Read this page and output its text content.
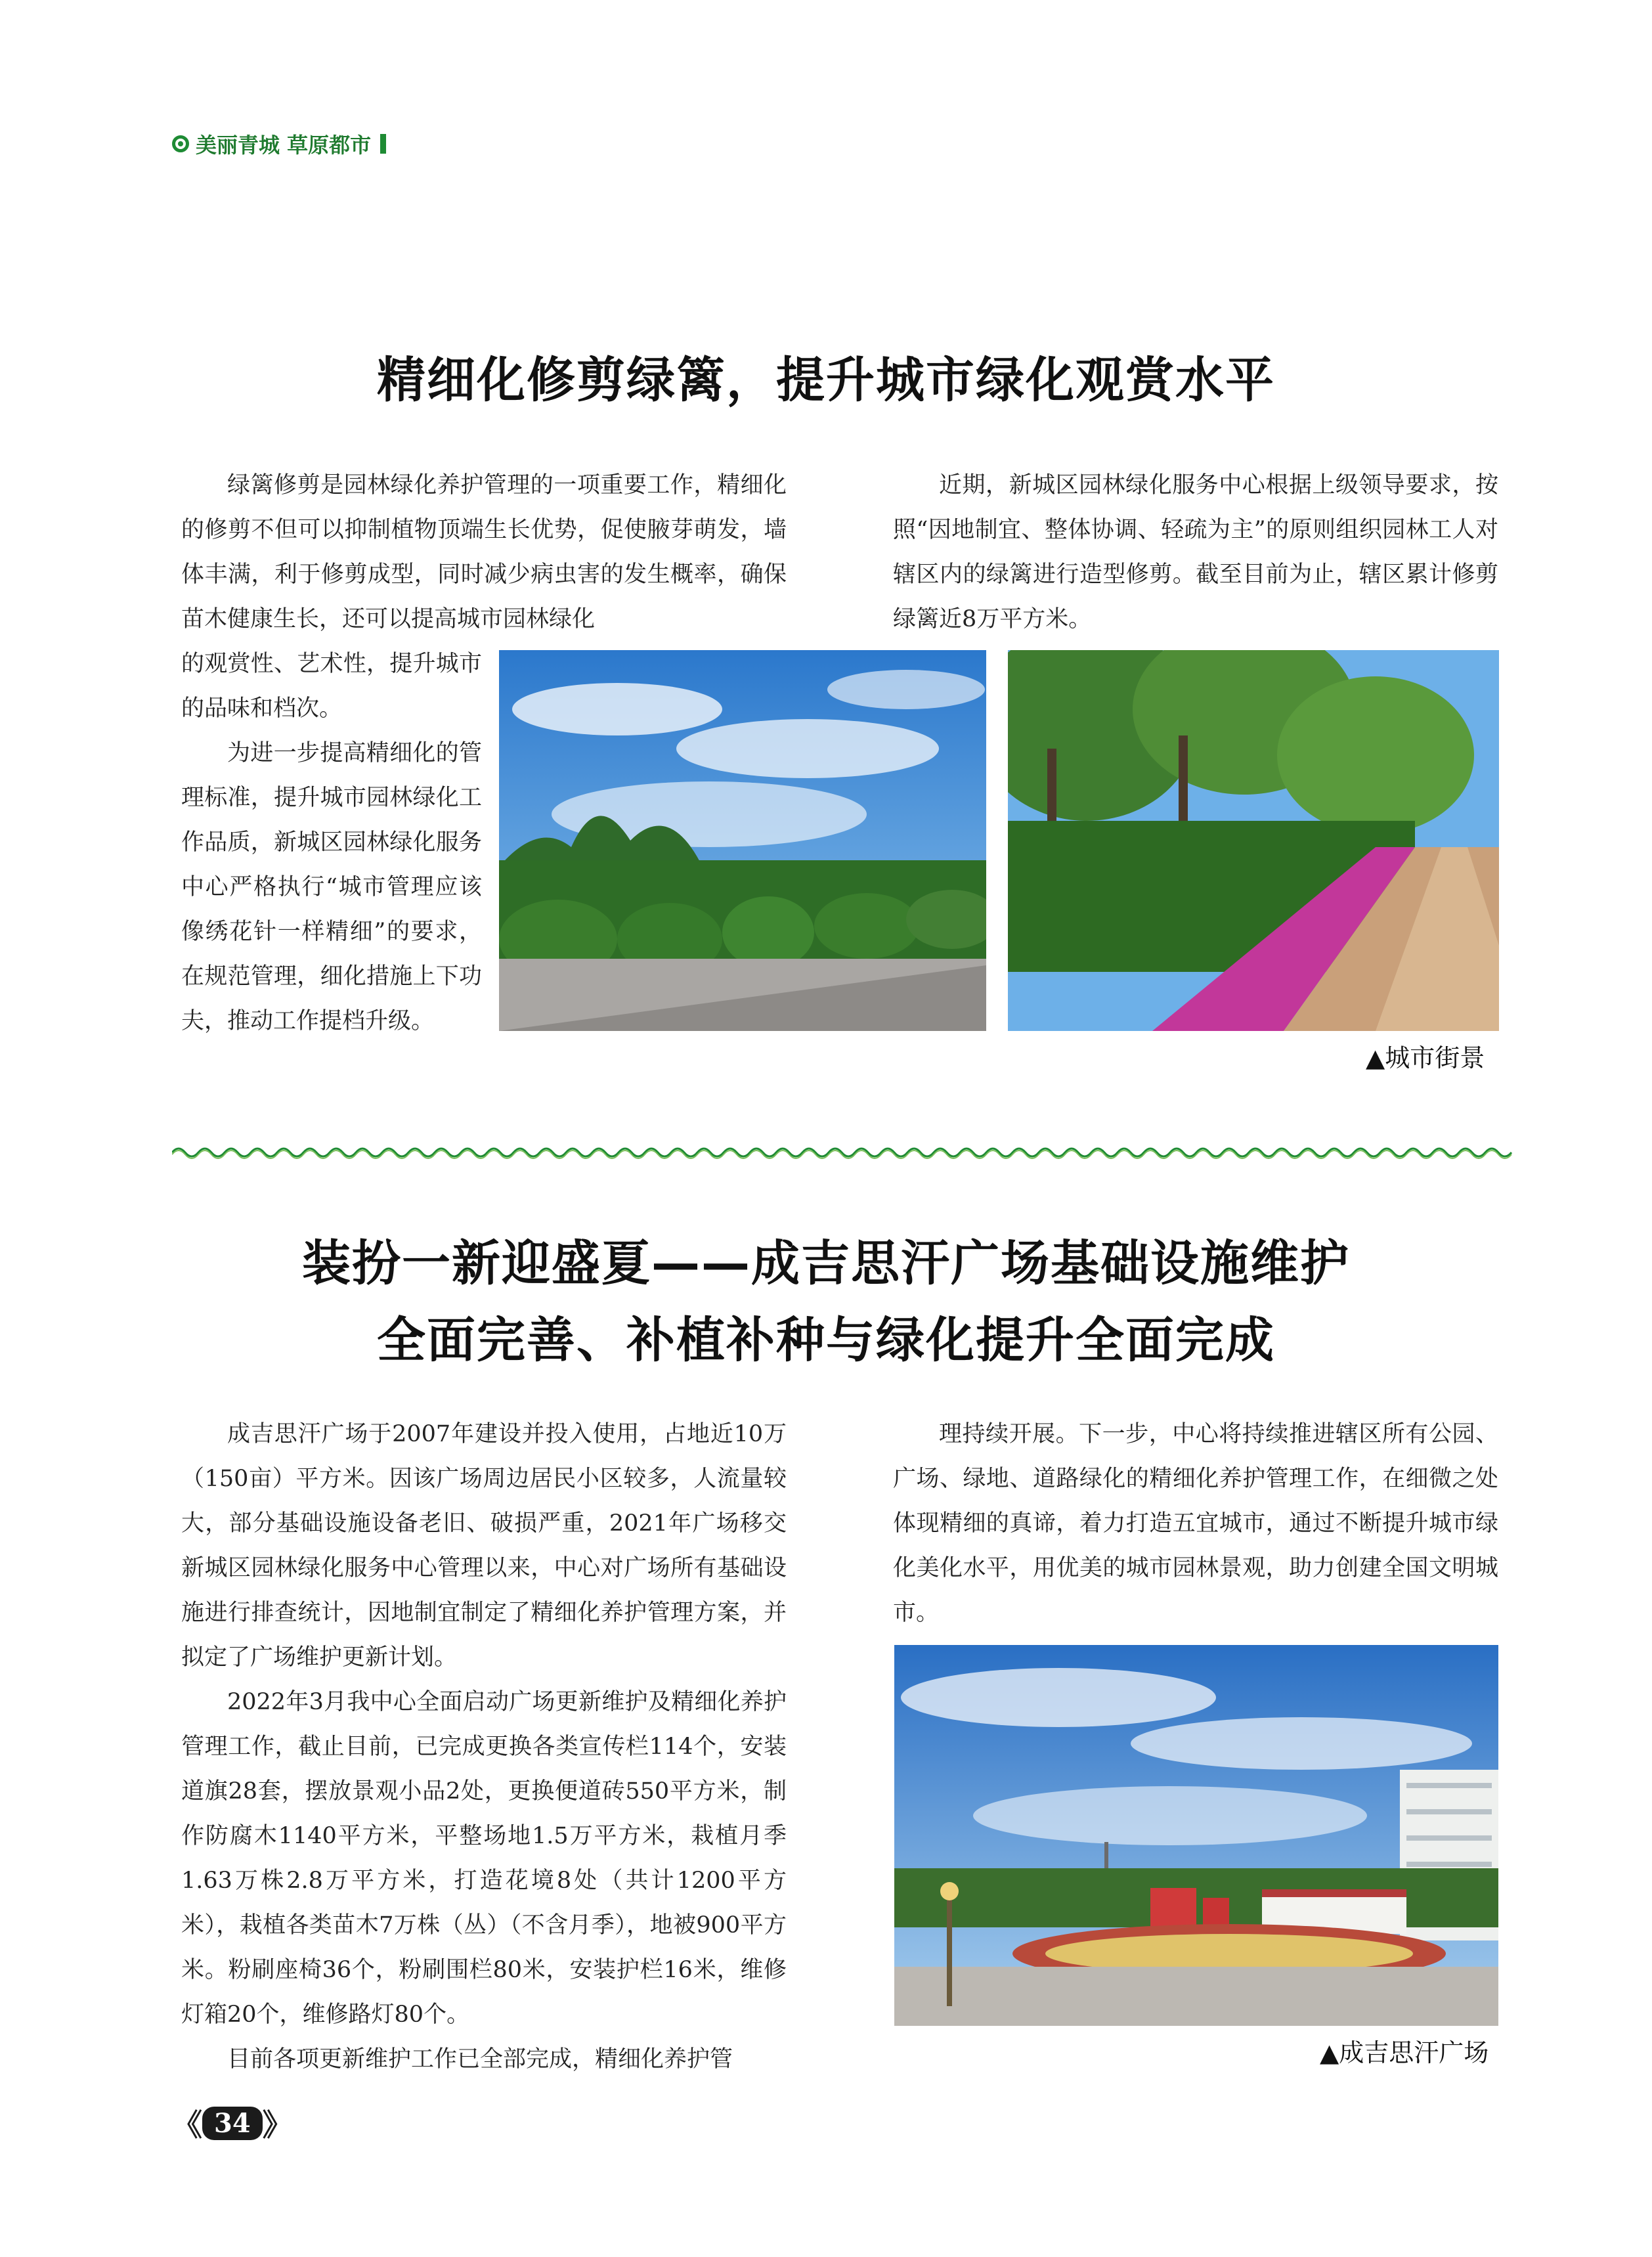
美丽青城 草原都市
精细化修剪绿篱，提升城市绿化观赏水平

绿篱修剪是园林绿化养护管理的一项重要工作，精细化的修剪不但可以抑制植物顶端生长优势，促使腋芽萌发，墙体丰满，利于修剪成型，同时减少病虫害的发生概率，确保苗木健康生长，还可以提高城市园林绿化

的观赏性、艺术性，提升城市的品味和档次。

为进一步提高精细化的管理标准，提升城市园林绿化工作品质，新城区园林绿化服务中心严格执行“城市管理应该像绣花针一样精细”的要求，在规范管理，细化措施上下功夫，推动工作提档升级。

近期，新城区园林绿化服务中心根据上级领导要求，按照“因地制宜、整体协调、轻疏为主”的原则组织园林工人对辖区内的绿篱进行造型修剪。截至目前为止，辖区累计修剪绿篱近8万平方米。

▲城市街景
装扮一新迎盛夏——成吉思汗广场基础设施维护
全面完善、补植补种与绿化提升全面完成

成吉思汗广场于2007年建设并投入使用，占地近10万（150亩）平方米。因该广场周边居民小区较多，人流量较大，部分基础设施设备老旧、破损严重，2021年广场移交新城区园林绿化服务中心管理以来，中心对广场所有基础设施进行排查统计，因地制宜制定了精细化养护管理方案，并拟定了广场维护更新计划。

2022年3月我中心全面启动广场更新维护及精细化养护管理工作，截止目前，已完成更换各类宣传栏114个，安装道旗28套，摆放景观小品2处，更换便道砖550平方米，制作防腐木1140平方米，平整场地1.5万平方米，栽植月季1.63万株2.8万平方米，打造花境8处（共计1200平方米），栽植各类苗木7万株（丛）（不含月季），地被900平方米。粉刷座椅36个，粉刷围栏80米，安装护栏16米，维修灯箱20个，维修路灯80个。

目前各项更新维护工作已全部完成，精细化养护管

理持续开展。下一步，中心将持续推进辖区所有公园、广场、绿地、道路绿化的精细化养护管理工作，在细微之处体现精细的真谛，着力打造五宜城市，通过不断提升城市绿化美化水平，用优美的城市园林景观，助力创建全国文明城市。

▲成吉思汗广场
《 34 》
